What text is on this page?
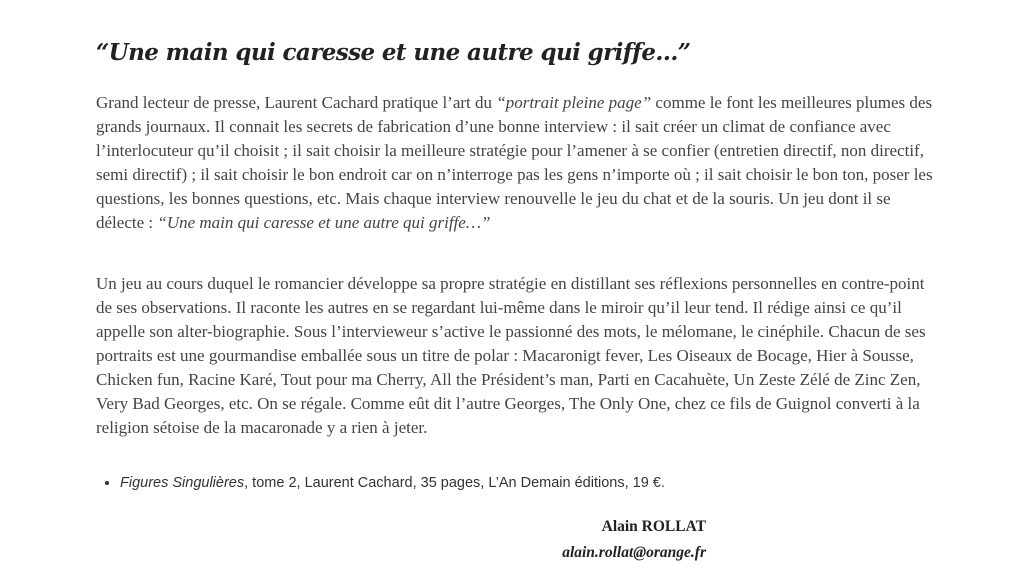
“Une main qui caresse et une autre qui griffe…”

Grand lecteur de presse, Laurent Cachard pratique l’art du “portrait pleine page” comme le font les meilleures plumes des grands journaux. Il connait les secrets de fabrication d’une bonne interview : il sait créer un climat de confiance avec l’interlocuteur qu’il choisit ; il sait choisir la meilleure stratégie pour l’amener à se confier (entretien directif, non directif, semi directif) ; il sait choisir le bon endroit car on n’interroge pas les gens n’importe où ; il sait choisir le bon ton, poser les questions, les bonnes questions, etc. Mais chaque interview renouvelle le jeu du chat et de la souris. Un jeu dont il se délecte : “Une main qui caresse et une autre qui griffe…”

Un jeu au cours duquel le romancier développe sa propre stratégie en distillant ses réflexions personnelles en contre-point de ses observations. Il raconte les autres en se regardant lui-même dans le miroir qu’il leur tend. Il rédige ainsi ce qu’il appelle son alter-biographie. Sous l’intervieweur s’active le passionné des mots, le mélomane, le cinéphile. Chacun de ses portraits est une gourmandise emballée sous un titre de polar : Macaronigt fever, Les Oiseaux de Bocage, Hier à Sousse, Chicken fun, Racine Karé, Tout pour ma Cherry, All the Président’s man, Parti en Cacahuète, Un Zeste Zélé de Zinc Zen, Very Bad Georges, etc. On se régale. Comme eût dit l’autre Georges, The Only One, chez ce fils de Guignol converti à la religion sétoise de la macaronade y a rien à jeter.

• Figures Singulières, tome 2, Laurent Cachard, 35 pages, L’An Demain éditions, 19 €.
Alain ROLLAT
alain.rollat@orange.fr
